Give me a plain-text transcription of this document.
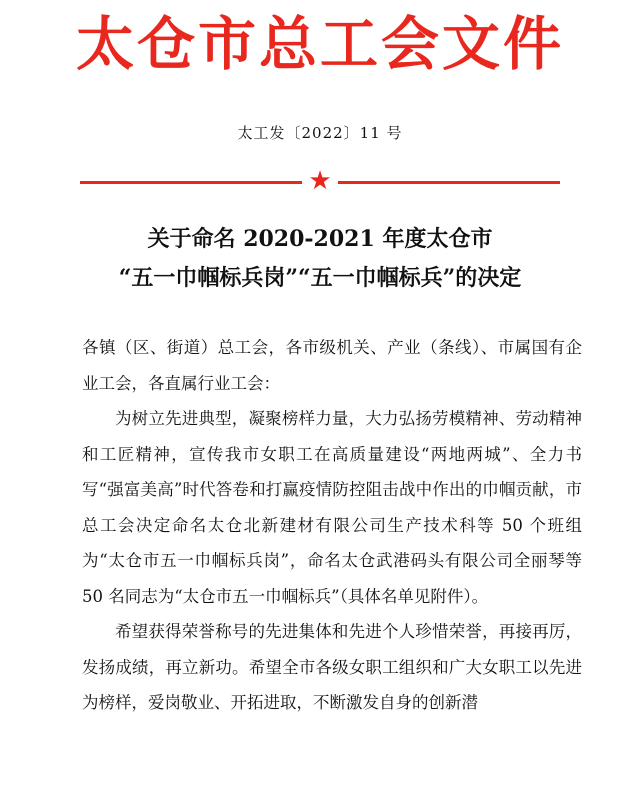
太仓市总工会文件
太工发〔2022〕11 号
★
关于命名 2020-2021 年度太仓市
“五一巾帼标兵岗”“五一巾帼标兵”的决定

各镇（区、街道）总工会，各市级机关、产业（条线）、市属国有企业工会，各直属行业工会：

为树立先进典型，凝聚榜样力量，大力弘扬劳模精神、劳动精神和工匠精神，宣传我市女职工在高质量建设“两地两城”、全力书写“强富美高”时代答卷和打赢疫情防控阻击战中作出的巾帼贡献，市总工会决定命名太仓北新建材有限公司生产技术科等 50 个班组为“太仓市五一巾帼标兵岗”，命名太仓武港码头有限公司全丽琴等 50 名同志为“太仓市五一巾帼标兵”（具体名单见附件）。

希望获得荣誉称号的先进集体和先进个人珍惜荣誉，再接再厉，发扬成绩，再立新功。希望全市各级女职工组织和广大女职工以先进为榜样，爱岗敬业、开拓进取，不断激发自身的创新潜
